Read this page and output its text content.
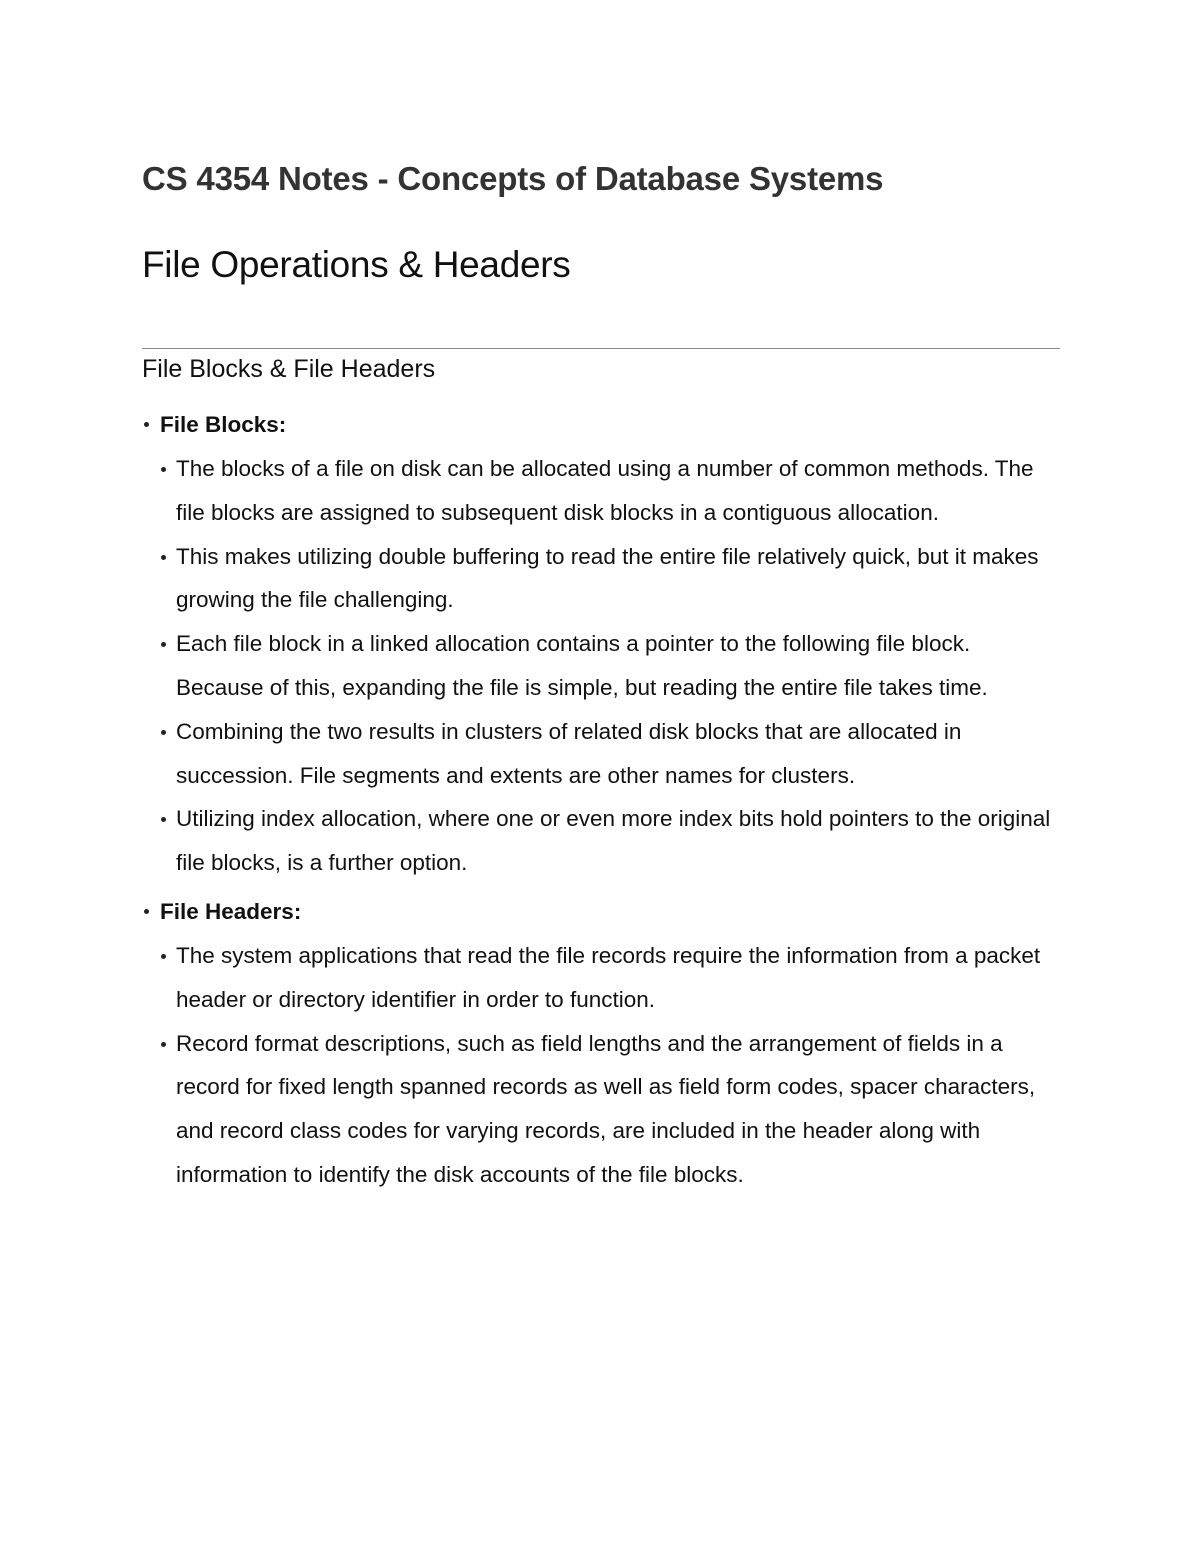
CS 4354 Notes - Concepts of Database Systems
File Operations & Headers
File Blocks & File Headers
File Blocks:
The blocks of a file on disk can be allocated using a number of common methods. The file blocks are assigned to subsequent disk blocks in a contiguous allocation.
This makes utilizing double buffering to read the entire file relatively quick, but it makes growing the file challenging.
Each file block in a linked allocation contains a pointer to the following file block. Because of this, expanding the file is simple, but reading the entire file takes time.
Combining the two results in clusters of related disk blocks that are allocated in succession. File segments and extents are other names for clusters.
Utilizing index allocation, where one or even more index bits hold pointers to the original file blocks, is a further option.
File Headers:
The system applications that read the file records require the information from a packet header or directory identifier in order to function.
Record format descriptions, such as field lengths and the arrangement of fields in a record for fixed length spanned records as well as field form codes, spacer characters, and record class codes for varying records, are included in the header along with information to identify the disk accounts of the file blocks.
